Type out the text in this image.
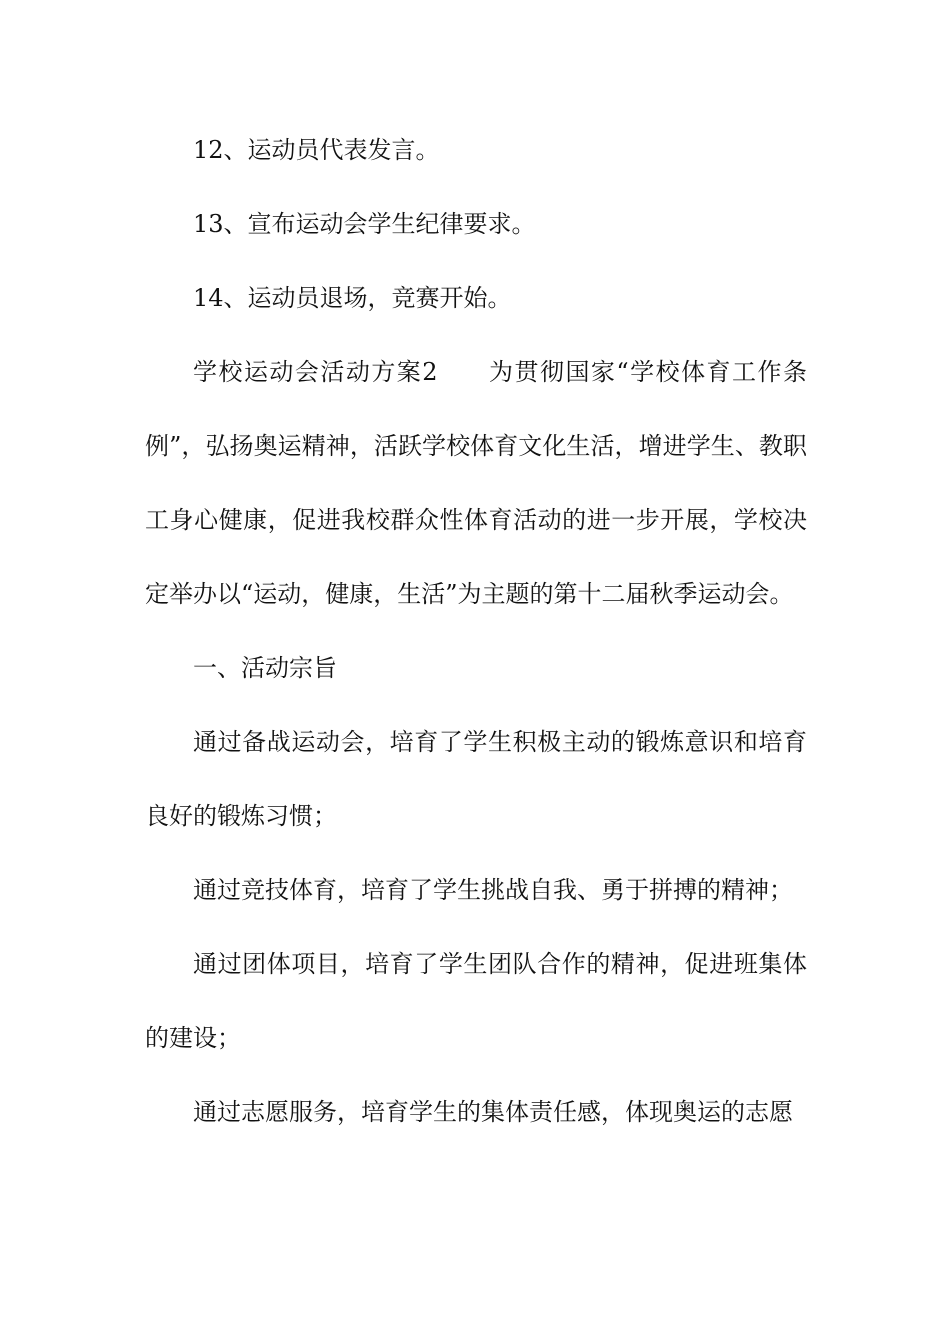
12、运动员代表发言。

13、宣布运动会学生纪律要求。

14、运动员退场，竞赛开始。

学校运动会活动方案2 为贯彻国家“学校体育工作条例”，弘扬奥运精神，活跃学校体育文化生活，增进学生、教职工身心健康，促进我校群众性体育活动的进一步开展，学校决定举办以“运动，健康，生活”为主题的第十二届秋季运动会。

一、活动宗旨

通过备战运动会，培育了学生积极主动的锻炼意识和培育良好的锻炼习惯；

通过竞技体育，培育了学生挑战自我、勇于拼搏的精神；

通过团体项目，培育了学生团队合作的精神，促进班集体的建设；

通过志愿服务，培育学生的集体责任感，体现奥运的志愿
